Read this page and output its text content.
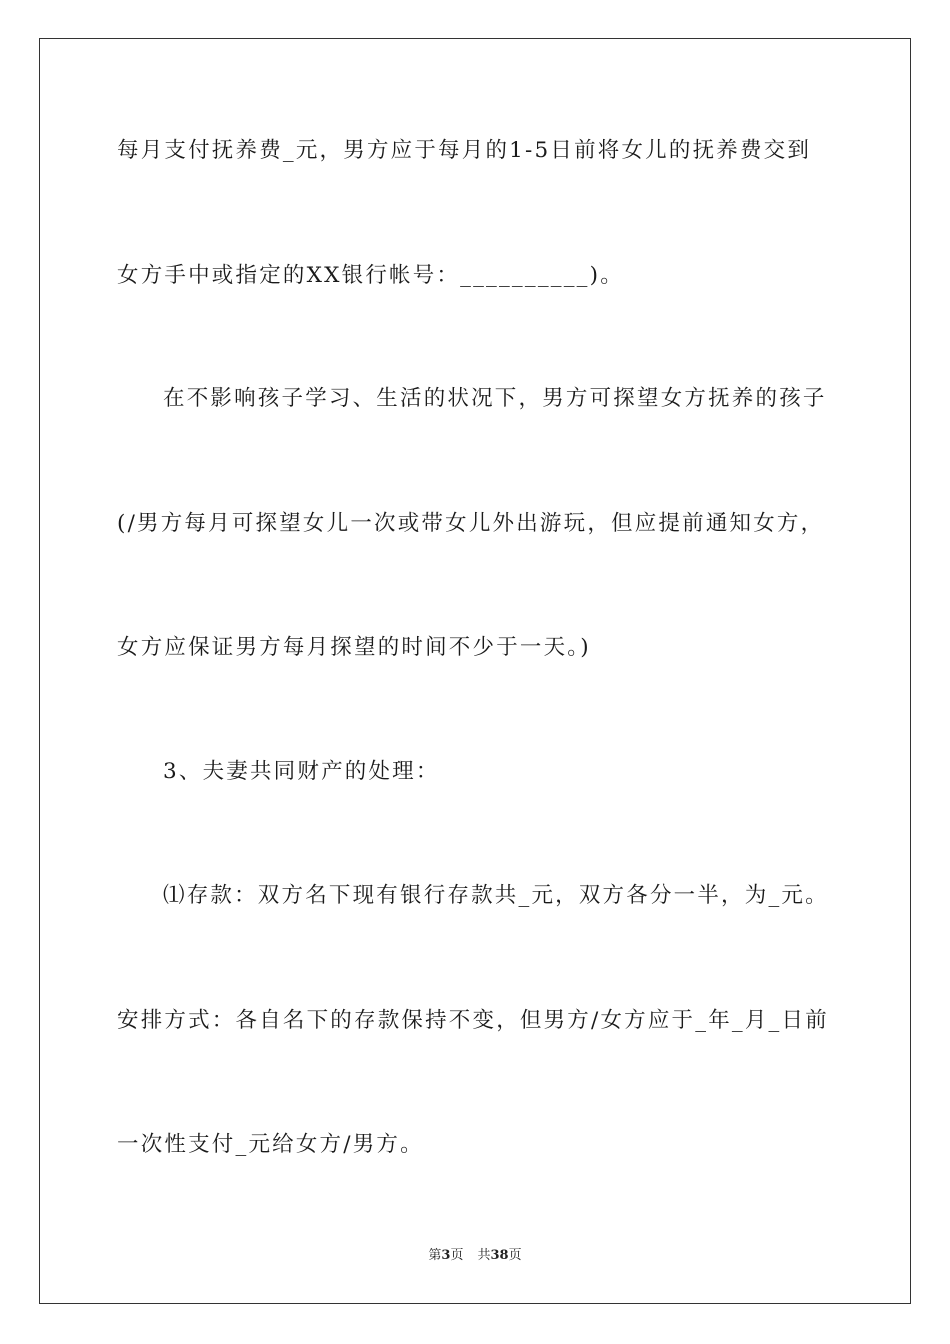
每月支付抚养费_元，男方应于每月的1-5日前将女儿的抚养费交到
女方手中或指定的XX银行帐号：__________)。
在不影响孩子学习、生活的状况下，男方可探望女方抚养的孩子
(/男方每月可探望女儿一次或带女儿外出游玩，但应提前通知女方，
女方应保证男方每月探望的时间不少于一天。)
3、夫妻共同财产的处理：
⑴存款：双方名下现有银行存款共_元，双方各分一半，为_元。
安排方式：各自名下的存款保持不变，但男方/女方应于_年_月_日前
一次性支付_元给女方/男方。
第3页 共38页
